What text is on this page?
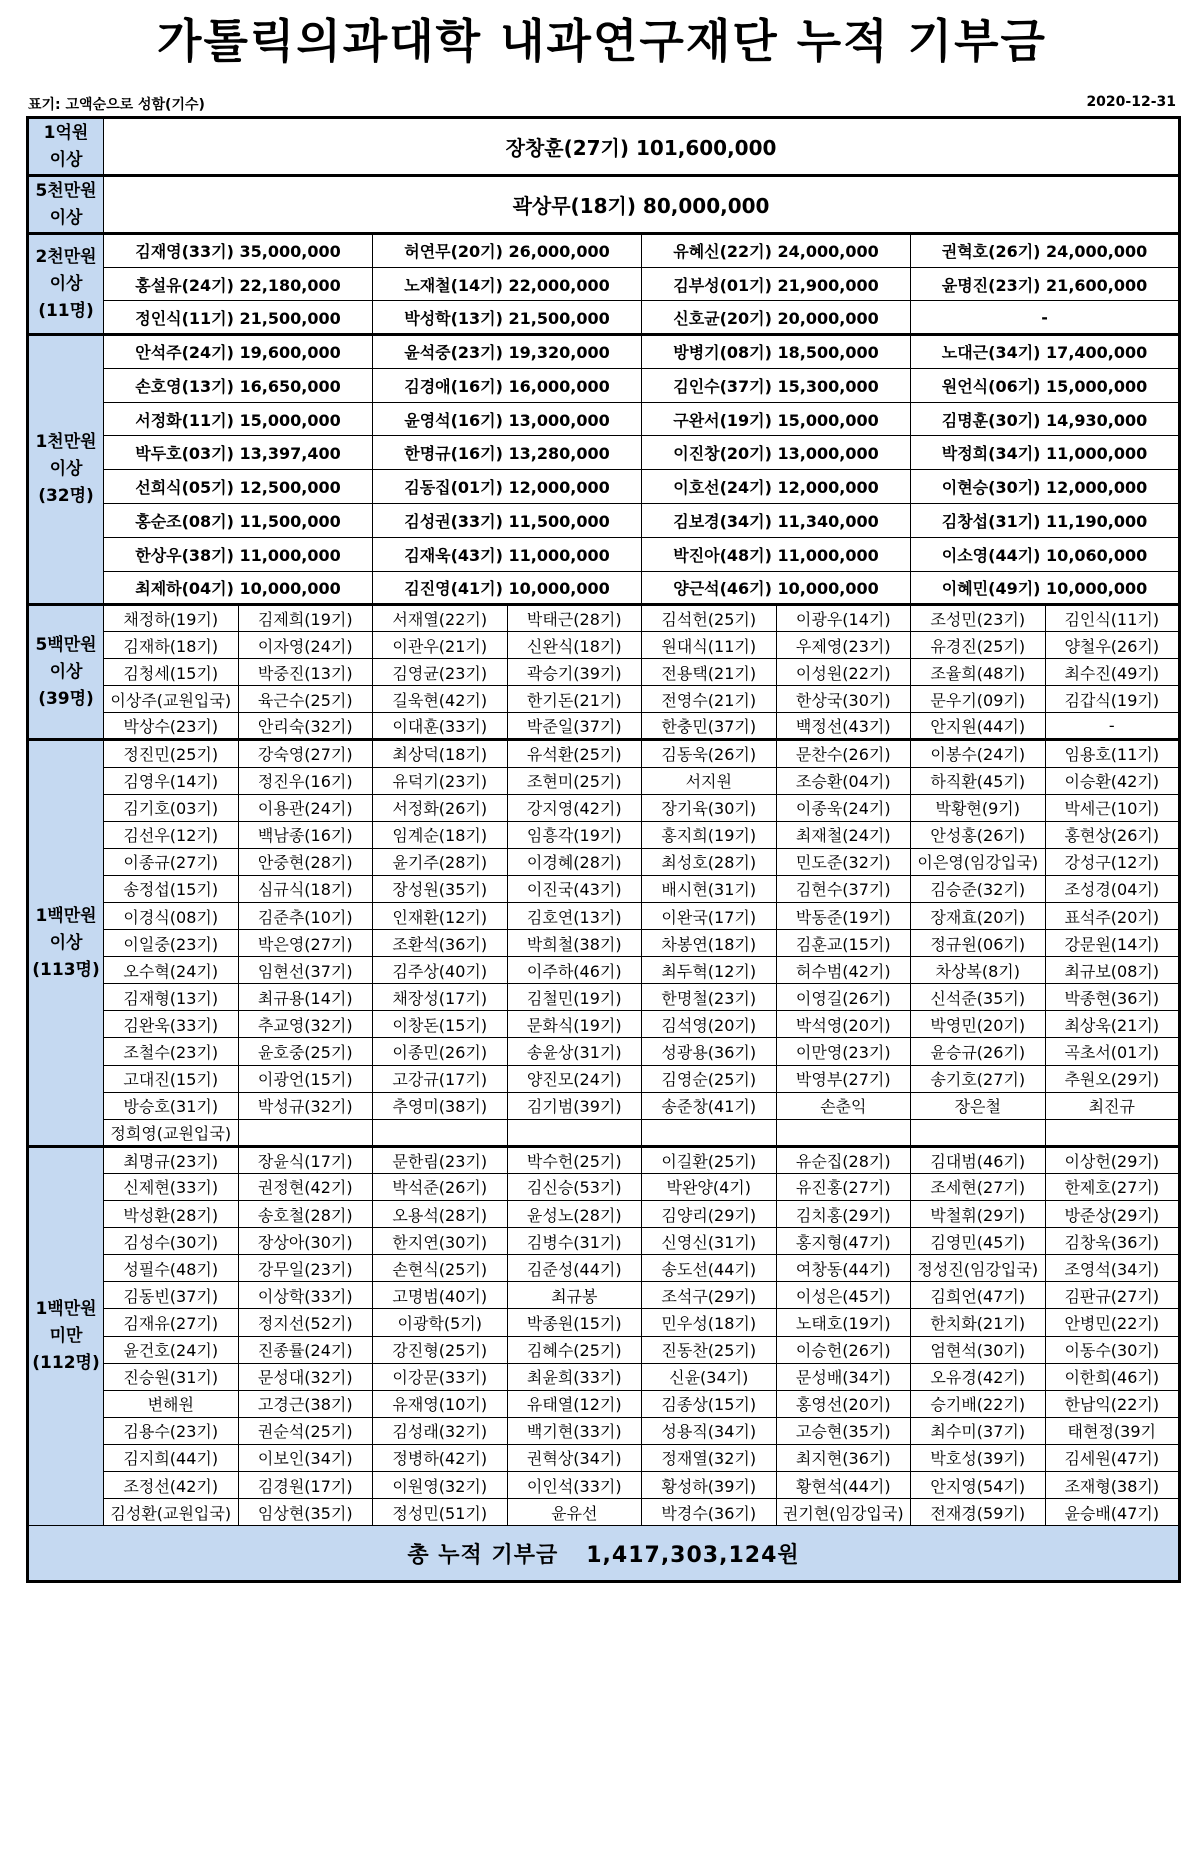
가톨릭의과대학 내과연구재단 누적 기부금
표기: 고액순으로 성함(기수)	2020-12-31
1억원
이상	장창훈(27기) 101,600,000							

5천만원
이상	곽상무(18기) 80,000,000							

2천만원
이상
(11명)	김재영(33기) 35,000,000		허연무(20기) 26,000,000		유혜신(22기) 24,000,000		권혁호(26기) 24,000,000	
	홍설유(24기) 22,180,000		노재철(14기) 22,000,000		김부성(01기) 21,900,000		윤명진(23기) 21,600,000	
	정인식(11기) 21,500,000		박성학(13기) 21,500,000		신호균(20기) 20,000,000		-	

1천만원
이상
(32명)	안석주(24기) 19,600,000		윤석중(23기) 19,320,000		방병기(08기) 18,500,000		노대근(34기) 17,400,000	
	손호영(13기) 16,650,000		김경애(16기) 16,000,000		김인수(37기) 15,300,000		원언식(06기) 15,000,000	
	서정화(11기) 15,000,000		윤영석(16기) 13,000,000		구완서(19기) 15,000,000		김명훈(30기) 14,930,000	
	박두호(03기) 13,397,400		한명규(16기) 13,280,000		이진창(20기) 13,000,000		박정희(34기) 11,000,000	
	선희식(05기) 12,500,000		김동집(01기) 12,000,000		이호선(24기) 12,000,000		이현승(30기) 12,000,000	
	홍순조(08기) 11,500,000		김성권(33기) 11,500,000		김보경(34기) 11,340,000		김창섭(31기) 11,190,000	
	한상우(38기) 11,000,000		김재욱(43기) 11,000,000		박진아(48기) 11,000,000		이소영(44기) 10,060,000	
	최제하(04기) 10,000,000		김진영(41기) 10,000,000		양근석(46기) 10,000,000		이혜민(49기) 10,000,000	

5백만원
이상
(39명)	채정하(19기)	김제희(19기)	서재열(22기)	박태근(28기)	김석헌(25기)	이광우(14기)	조성민(23기)	김인식(11기)
	김재하(18기)	이자영(24기)	이관우(21기)	신완식(18기)	원대식(11기)	우제영(23기)	유경진(25기)	양철우(26기)
	김청세(15기)	박중진(13기)	김영균(23기)	곽승기(39기)	전용택(21기)	이성원(22기)	조율희(48기)	최수진(49기)
	이상주(교원입국)	육근수(25기)	길욱현(42기)	한기돈(21기)	전영수(21기)	한상국(30기)	문우기(09기)	김갑식(19기)
	박상수(23기)	안리숙(32기)	이대훈(33기)	박준일(37기)	한충민(37기)	백정선(43기)	안지원(44기)	-

1백만원
이상
(113명)	정진민(25기)	강숙영(27기)	최상덕(18기)	유석환(25기)	김동욱(26기)	문찬수(26기)	이봉수(24기)	임용호(11기)
	김영우(14기)	정진우(16기)	유덕기(23기)	조현미(25기)	서지원	조승환(04기)	하직환(45기)	이승환(42기)
	김기호(03기)	이용관(24기)	서정화(26기)	강지영(42기)	장기육(30기)	이종욱(24기)	박황현(9기)	박세근(10기)
	김선우(12기)	백남종(16기)	임계순(18기)	임흥각(19기)	홍지희(19기)	최재철(24기)	안성홍(26기)	홍현상(26기)
	이종규(27기)	안중현(28기)	윤기주(28기)	이경혜(28기)	최성호(28기)	민도준(32기)	이은영(임강입국)	강성구(12기)
	송정섭(15기)	심규식(18기)	장성원(35기)	이진국(43기)	배시현(31기)	김현수(37기)	김승준(32기)	조성경(04기)
	이경식(08기)	김준추(10기)	인재환(12기)	김호연(13기)	이완국(17기)	박동준(19기)	장재효(20기)	표석주(20기)
	이일중(23기)	박은영(27기)	조환석(36기)	박희철(38기)	차봉연(18기)	김훈교(15기)	정규원(06기)	강문원(14기)
	오수혁(24기)	임현선(37기)	김주상(40기)	이주하(46기)	최두혁(12기)	허수범(42기)	차상복(8기)	최규보(08기)
	김재형(13기)	최규용(14기)	채장성(17기)	김철민(19기)	한명철(23기)	이영길(26기)	신석준(35기)	박종현(36기)
	김완욱(33기)	추교영(32기)	이창돈(15기)	문화식(19기)	김석영(20기)	박석영(20기)	박영민(20기)	최상욱(21기)
	조철수(23기)	윤호중(25기)	이종민(26기)	송윤상(31기)	성광용(36기)	이만영(23기)	윤승규(26기)	곡초서(01기)
	고대진(15기)	이광언(15기)	고강규(17기)	양진모(24기)	김영순(25기)	박영부(27기)	송기호(27기)	추원오(29기)
	방승호(31기)	박성규(32기)	추영미(38기)	김기범(39기)	송준창(41기)	손춘익	장은철	최진규
	정희영(교원입국)							

1백만원
미만
(112명)	최명규(23기)	장윤식(17기)	문한림(23기)	박수헌(25기)	이길환(25기)	유순집(28기)	김대범(46기)	이상헌(29기)
	신제현(33기)	권정현(42기)	박석준(26기)	김신승(53기)	박완양(4기)	유진홍(27기)	조세현(27기)	한제호(27기)
	박성환(28기)	송호철(28기)	오용석(28기)	윤성노(28기)	김양리(29기)	김치홍(29기)	박철휘(29기)	방준상(29기)
	김성수(30기)	장상아(30기)	한지연(30기)	김병수(31기)	신영신(31기)	홍지형(47기)	김영민(45기)	김창욱(36기)
	성필수(48기)	강무일(23기)	손현식(25기)	김준성(44기)	송도선(44기)	여창동(44기)	정성진(임강입국)	조영석(34기)
	김동빈(37기)	이상학(33기)	고명범(40기)	최규봉	조석구(29기)	이성은(45기)	김희언(47기)	김판규(27기)
	김재유(27기)	정지선(52기)	이광학(5기)	박종원(15기)	민우성(18기)	노태호(19기)	한치화(21기)	안병민(22기)
	윤건호(24기)	진종률(24기)	강진형(25기)	김혜수(25기)	진동찬(25기)	이승헌(26기)	엄현석(30기)	이동수(30기)
	진승원(31기)	문성대(32기)	이강문(33기)	최윤희(33기)	신윤(34기)	문성배(34기)	오유경(42기)	이한희(46기)
	변해원	고경근(38기)	유재영(10기)	유태열(12기)	김종상(15기)	홍영선(20기)	승기배(22기)	한남익(22기)
	김용수(23기)	권순석(25기)	김성래(32기)	백기현(33기)	성용직(34기)	고승현(35기)	최수미(37기)	태현정(39기
	김지희(44기)	이보인(34기)	정병하(42기)	권혁상(34기)	정재열(32기)	최지현(36기)	박호성(39기)	김세원(47기)
	조정선(42기)	김경원(17기)	이원영(32기)	이인석(33기)	황성하(39기)	황현석(44기)	안지영(54기)	조재형(38기)
	김성환(교원입국)	임상현(35기)	정성민(51기)	윤유선	박경수(36기)	권기현(임강입국)	전재경(59기)	윤승배(47기)
총 누적 기부금 1,417,303,124원								
